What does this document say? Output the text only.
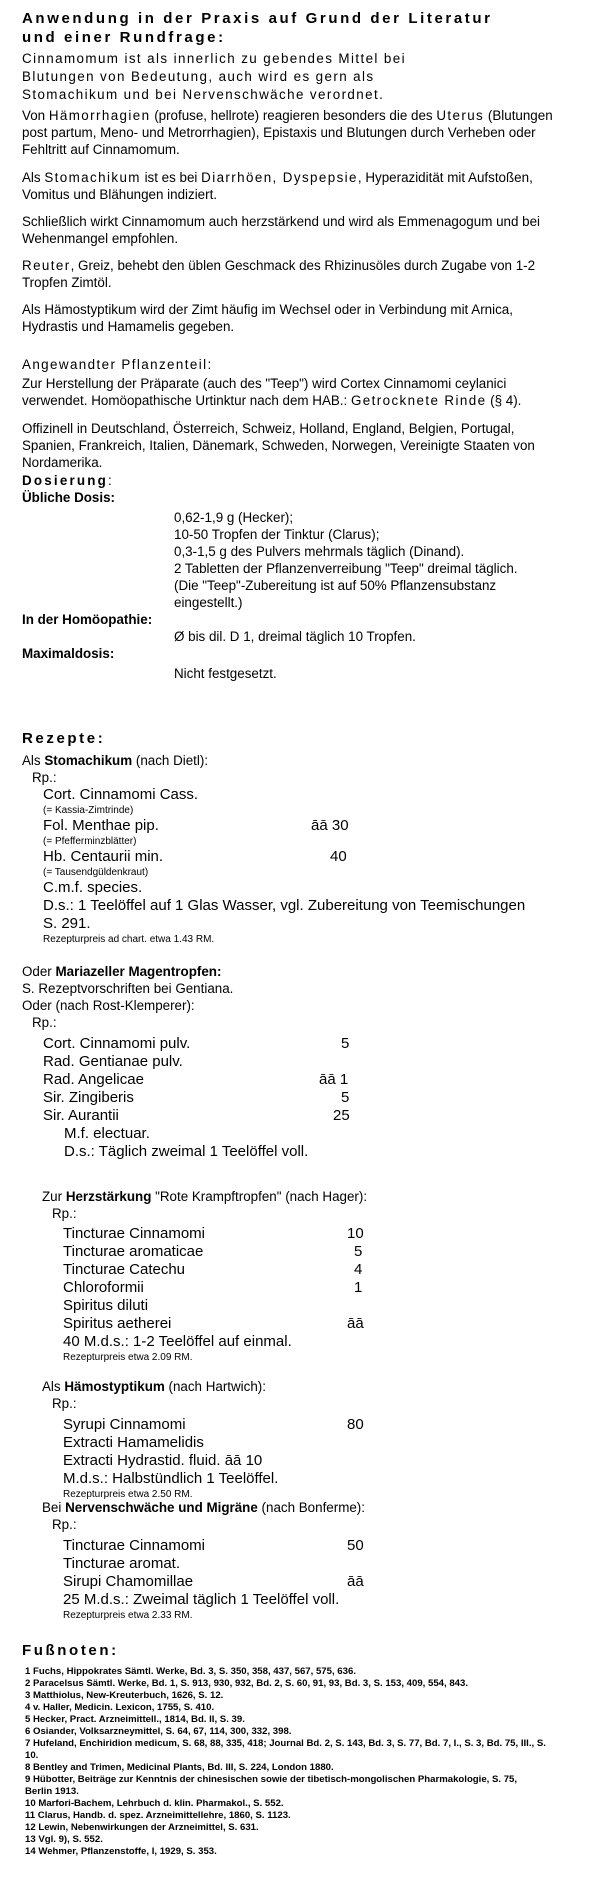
Anwendung in der Praxis auf Grund der Literatur
und einer Rundfrage:
Cinnamomum ist als innerlich zu gebendes Mittel bei
Blutungen von Bedeutung, auch wird es gern als
Stomachikum und bei Nervenschwäche verordnet.
Von Hämorrhagien (profuse, hellrote) reagieren besonders die des Uterus (Blutungen post partum, Meno- und Metrorrhagien), Epistaxis und Blutungen durch Verheben oder Fehltritt auf Cinnamomum.
Als Stomachikum ist es bei Diarrhöen, Dyspepsie, Hyperazidität mit Aufstoßen, Vomitus und Blähungen indiziert.
Schließlich wirkt Cinnamomum auch herzstärkend und wird als Emmenagogum und bei Wehenmangel empfohlen.
Reuter, Greiz, behebt den üblen Geschmack des Rhizinusöles durch Zugabe von 1-2 Tropfen Zimtöl.
Als Hämostyptikum wird der Zimt häufig im Wechsel oder in Verbindung mit Arnica, Hydrastis und Hamamelis gegeben.
Angewandter Pflanzenteil:
Zur Herstellung der Präparate (auch des "Teep") wird Cortex Cinnamomi ceylanici verwendet. Homöopathische Urtinktur nach dem HAB.: Getrocknete Rinde (§ 4).
Offizinell in Deutschland, Österreich, Schweiz, Holland, England, Belgien, Portugal, Spanien, Frankreich, Italien, Dänemark, Schweden, Norwegen, Vereinigte Staaten von Nordamerika.
Dosierung:
Übliche Dosis:
0,62-1,9 g (Hecker);
10-50 Tropfen der Tinktur (Clarus);
0,3-1,5 g des Pulvers mehrmals täglich (Dinand).
2 Tabletten der Pflanzenverreibung "Teep" dreimal täglich.
(Die "Teep"-Zubereitung ist auf 50% Pflanzensubstanz
eingestellt.)
In der Homöopathie:
Ø bis dil. D 1, dreimal täglich 10 Tropfen.
Maximaldosis:
Nicht festgesetzt.
Rezepte:
Als Stomachikum (nach Dietl):
Rp.:
Cort. Cinnamomi Cass.
(= Kassia-Zimtrinde)
Fol. Menthae pip.	āā 30
(= Pfefferminzblätter)
Hb. Centaurii min.	40
(= Tausendgüldenkraut)
C.m.f. species.
D.s.: 1 Teelöffel auf 1 Glas Wasser, vgl. Zubereitung von Teemischungen
S. 291.
Rezepturpreis ad chart. etwa 1.43 RM.
Oder Mariazeller Magentropfen:
S. Rezeptvorschriften bei Gentiana.
Oder (nach Rost-Klemperer):
Rp.:
Cort. Cinnamomi pulv.	5
Rad. Gentianae pulv.
Rad. Angelicae	āā 1
Sir. Zingiberis	5
Sir. Aurantii	25
M.f. electuar.
D.s.: Täglich zweimal 1 Teelöffel voll.
Zur Herzstärkung "Rote Krampftropfen" (nach Hager):
Rp.:
Tincturae Cinnamomi	10
Tincturae aromaticae	5
Tincturae Catechu	4
Chloroformii	1
Spiritus diluti
Spiritus aetherei	āā
40 M.d.s.: 1-2 Teelöffel auf einmal.
Rezepturpreis etwa 2.09 RM.
Als Hämostyptikum (nach Hartwich):
Rp.:
Syrupi Cinnamomi	80
Extracti Hamamelidis
Extracti Hydrastid. fluid. āā 10
M.d.s.: Halbstündlich 1 Teelöffel.
Rezepturpreis etwa 2.50 RM.
Bei Nervenschwäche und Migräne (nach Bonferme):
Rp.:
Tincturae Cinnamomi	50
Tincturae aromat.
Sirupi Chamomillae	āā
25 M.d.s.: Zweimal täglich 1 Teelöffel voll.
Rezepturpreis etwa 2.33 RM.
Fußnoten:
1 Fuchs, Hippokrates Sämtl. Werke, Bd. 3, S. 350, 358, 437, 567, 575, 636.
2 Paracelsus Sämtl. Werke, Bd. 1, S. 913, 930, 932, Bd. 2, S. 60, 91, 93, Bd. 3, S. 153, 409, 554, 843.
3 Matthiolus, New-Kreuterbuch, 1626, S. 12.
4 v. Haller, Medicin. Lexicon, 1755, S. 410.
5 Hecker, Pract. Arzneimittell., 1814, Bd. II, S. 39.
6 Osiander, Volksarzneymittel, S. 64, 67, 114, 300, 332, 398.
7 Hufeland, Enchiridion medicum, S. 68, 88, 335, 418; Journal Bd. 2, S. 143, Bd. 3, S. 77, Bd. 7, I., S. 3, Bd. 75, III., S. 10.
8 Bentley and Trimen, Medicinal Plants, Bd. III, S. 224, London 1880.
9 Hübotter, Beiträge zur Kenntnis der chinesischen sowie der tibetisch-mongolischen Pharmakologie, S. 75, Berlin 1913.
10 Marfori-Bachem, Lehrbuch d. klin. Pharmakol., S. 552.
11 Clarus, Handb. d. spez. Arzneimittellehre, 1860, S. 1123.
12 Lewin, Nebenwirkungen der Arzneimittel, S. 631.
13 Vgl. 9), S. 552.
14 Wehmer, Pflanzenstoffe, I, 1929, S. 353.
